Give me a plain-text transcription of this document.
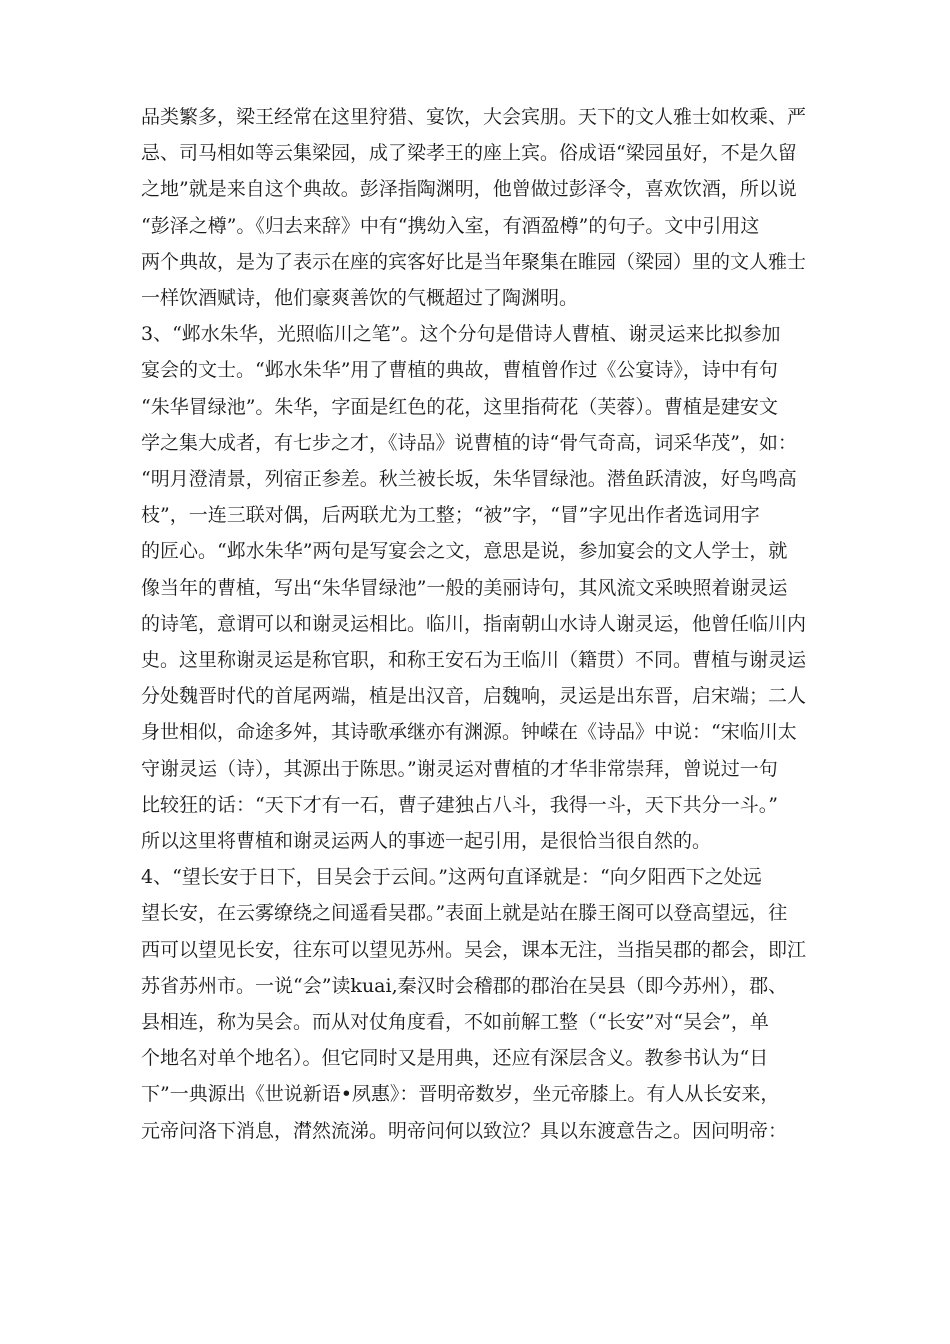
品类繁多，梁王经常在这里狩猎、宴饮，大会宾朋。天下的文人雅士如枚乘、严
忌、司马相如等云集梁园，成了梁孝王的座上宾。俗成语“梁园虽好，不是久留
之地”就是来自这个典故。彭泽指陶渊明，他曾做过彭泽令，喜欢饮酒，所以说
“彭泽之樽”。《归去来辞》中有“携幼入室，有酒盈樽”的句子。文中引用这
两个典故，是为了表示在座的宾客好比是当年聚集在睢园（梁园）里的文人雅士
一样饮酒赋诗，他们豪爽善饮的气概超过了陶渊明。
3、“邺水朱华，光照临川之笔”。这个分句是借诗人曹植、谢灵运来比拟参加
宴会的文士。“邺水朱华”用了曹植的典故，曹植曾作过《公宴诗》，诗中有句
“朱华冒绿池”。朱华，字面是红色的花，这里指荷花（芙蓉）。曹植是建安文
学之集大成者，有七步之才，《诗品》说曹植的诗“骨气奇高，词采华茂”，如：
“明月澄清景，列宿正参差。秋兰被长坂，朱华冒绿池。潜鱼跃清波，好鸟鸣高
枝”，一连三联对偶，后两联尤为工整；“被”字，“冒”字见出作者选词用字
的匠心。“邺水朱华”两句是写宴会之文，意思是说，参加宴会的文人学士，就
像当年的曹植，写出“朱华冒绿池”一般的美丽诗句，其风流文采映照着谢灵运
的诗笔，意谓可以和谢灵运相比。临川，指南朝山水诗人谢灵运，他曾任临川内
史。这里称谢灵运是称官职，和称王安石为王临川（籍贯）不同。曹植与谢灵运
分处魏晋时代的首尾两端，植是出汉音，启魏响，灵运是出东晋，启宋端；二人
身世相似，命途多舛，其诗歌承继亦有渊源。钟嵘在《诗品》中说：“宋临川太
守谢灵运（诗），其源出于陈思。”谢灵运对曹植的才华非常崇拜，曾说过一句
比较狂的话：“天下才有一石，曹子建独占八斗，我得一斗，天下共分一斗。”
所以这里将曹植和谢灵运两人的事迹一起引用，是很恰当很自然的。
4、“望长安于日下，目吴会于云间。”这两句直译就是：“向夕阳西下之处远
望长安，在云雾缭绕之间遥看吴郡。”表面上就是站在滕王阁可以登高望远，往
西可以望见长安，往东可以望见苏州。吴会，课本无注，当指吴郡的都会，即江
苏省苏州市。一说“会”读kuai,秦汉时会稽郡的郡治在吴县（即今苏州），郡、
县相连，称为吴会。而从对仗角度看，不如前解工整（“长安”对“吴会”，单
个地名对单个地名）。但它同时又是用典，还应有深层含义。教参书认为“日
下”一典源出《世说新语•夙惠》：晋明帝数岁，坐元帝膝上。有人从长安来，
元帝问洛下消息，潸然流涕。明帝问何以致泣？具以东渡意告之。因问明帝：
